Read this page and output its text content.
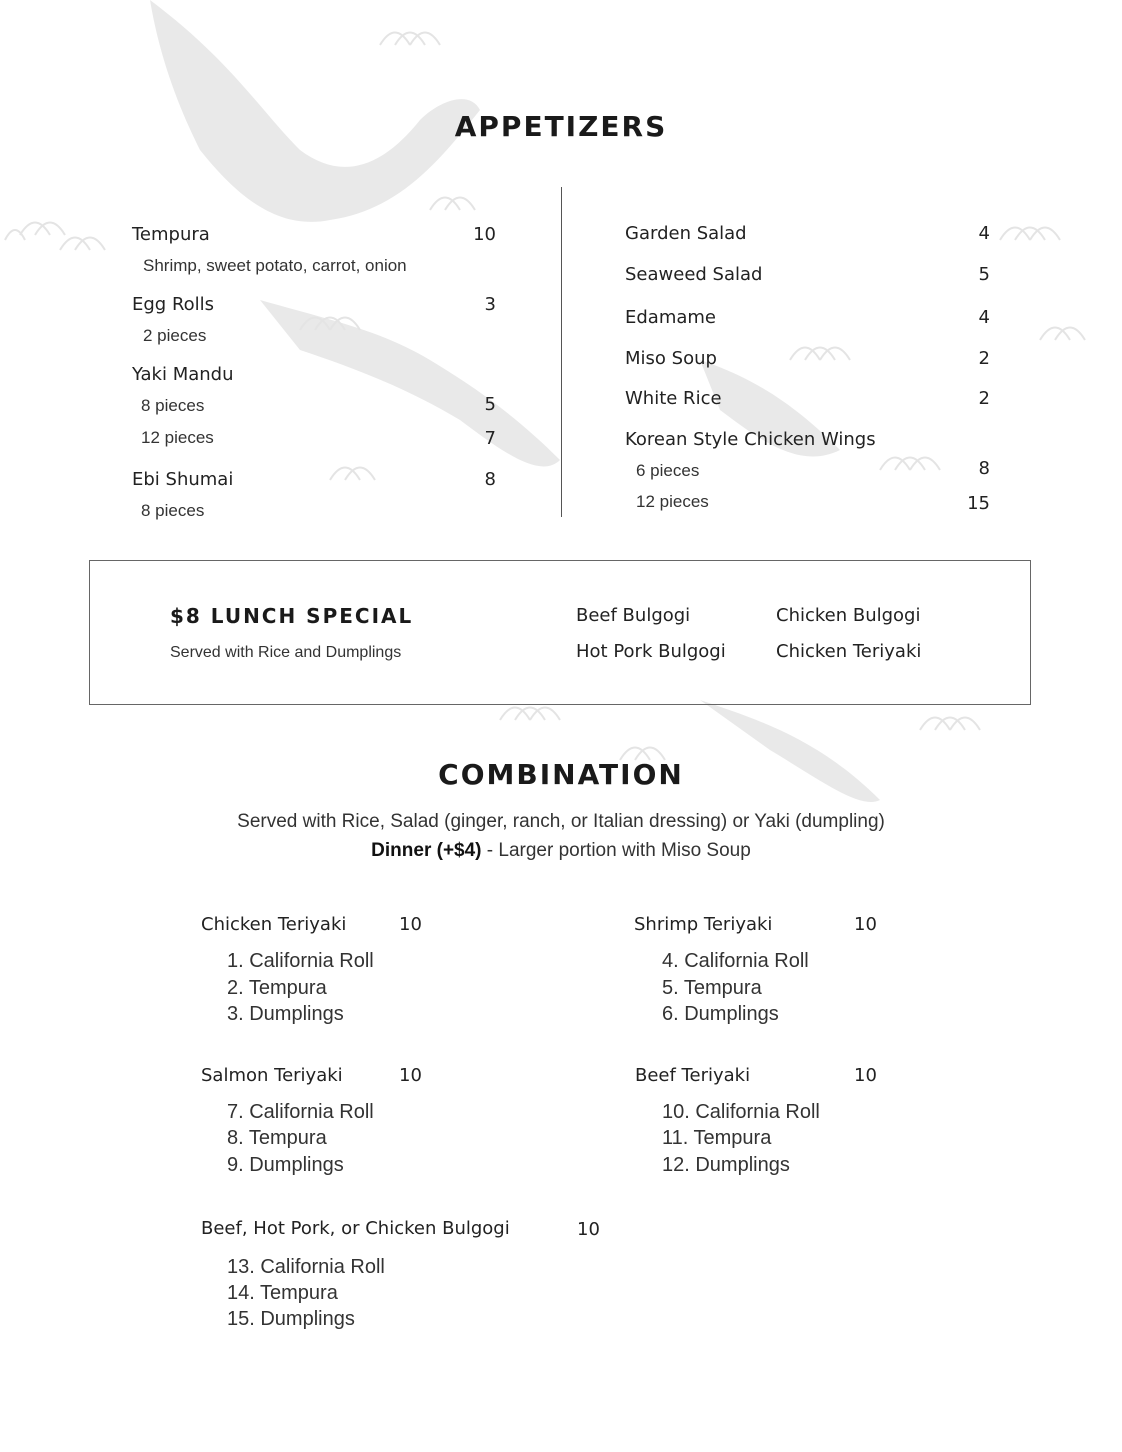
APPETIZERS
Tempura	10
Shrimp, sweet potato, carrot, onion
Egg Rolls	3
2 pieces
Yaki Mandu
8 pieces	5
12 pieces	7
Ebi Shumai	8
8 pieces
Garden Salad	4
Seaweed Salad	5
Edamame	4
Miso Soup	2
White Rice	2
Korean Style Chicken Wings
6 pieces	8
12 pieces	15
$8 LUNCH SPECIAL
Served with Rice and Dumplings
Beef Bulgogi	Chicken Bulgogi
Hot Pork Bulgogi	Chicken Teriyaki
COMBINATION
Served with Rice, Salad (ginger, ranch, or Italian dressing) or Yaki (dumpling)
Dinner (+$4) - Larger portion with Miso Soup
Chicken Teriyaki	10
1. California Roll
2. Tempura
3. Dumplings
Shrimp Teriyaki	10
4. California Roll
5. Tempura
6. Dumplings
Salmon Teriyaki	10
7. California Roll
8. Tempura
9. Dumplings
Beef Teriyaki	10
10. California Roll
11. Tempura
12. Dumplings
Beef, Hot Pork, or Chicken Bulgogi	10
13. California Roll
14. Tempura
15. Dumplings
